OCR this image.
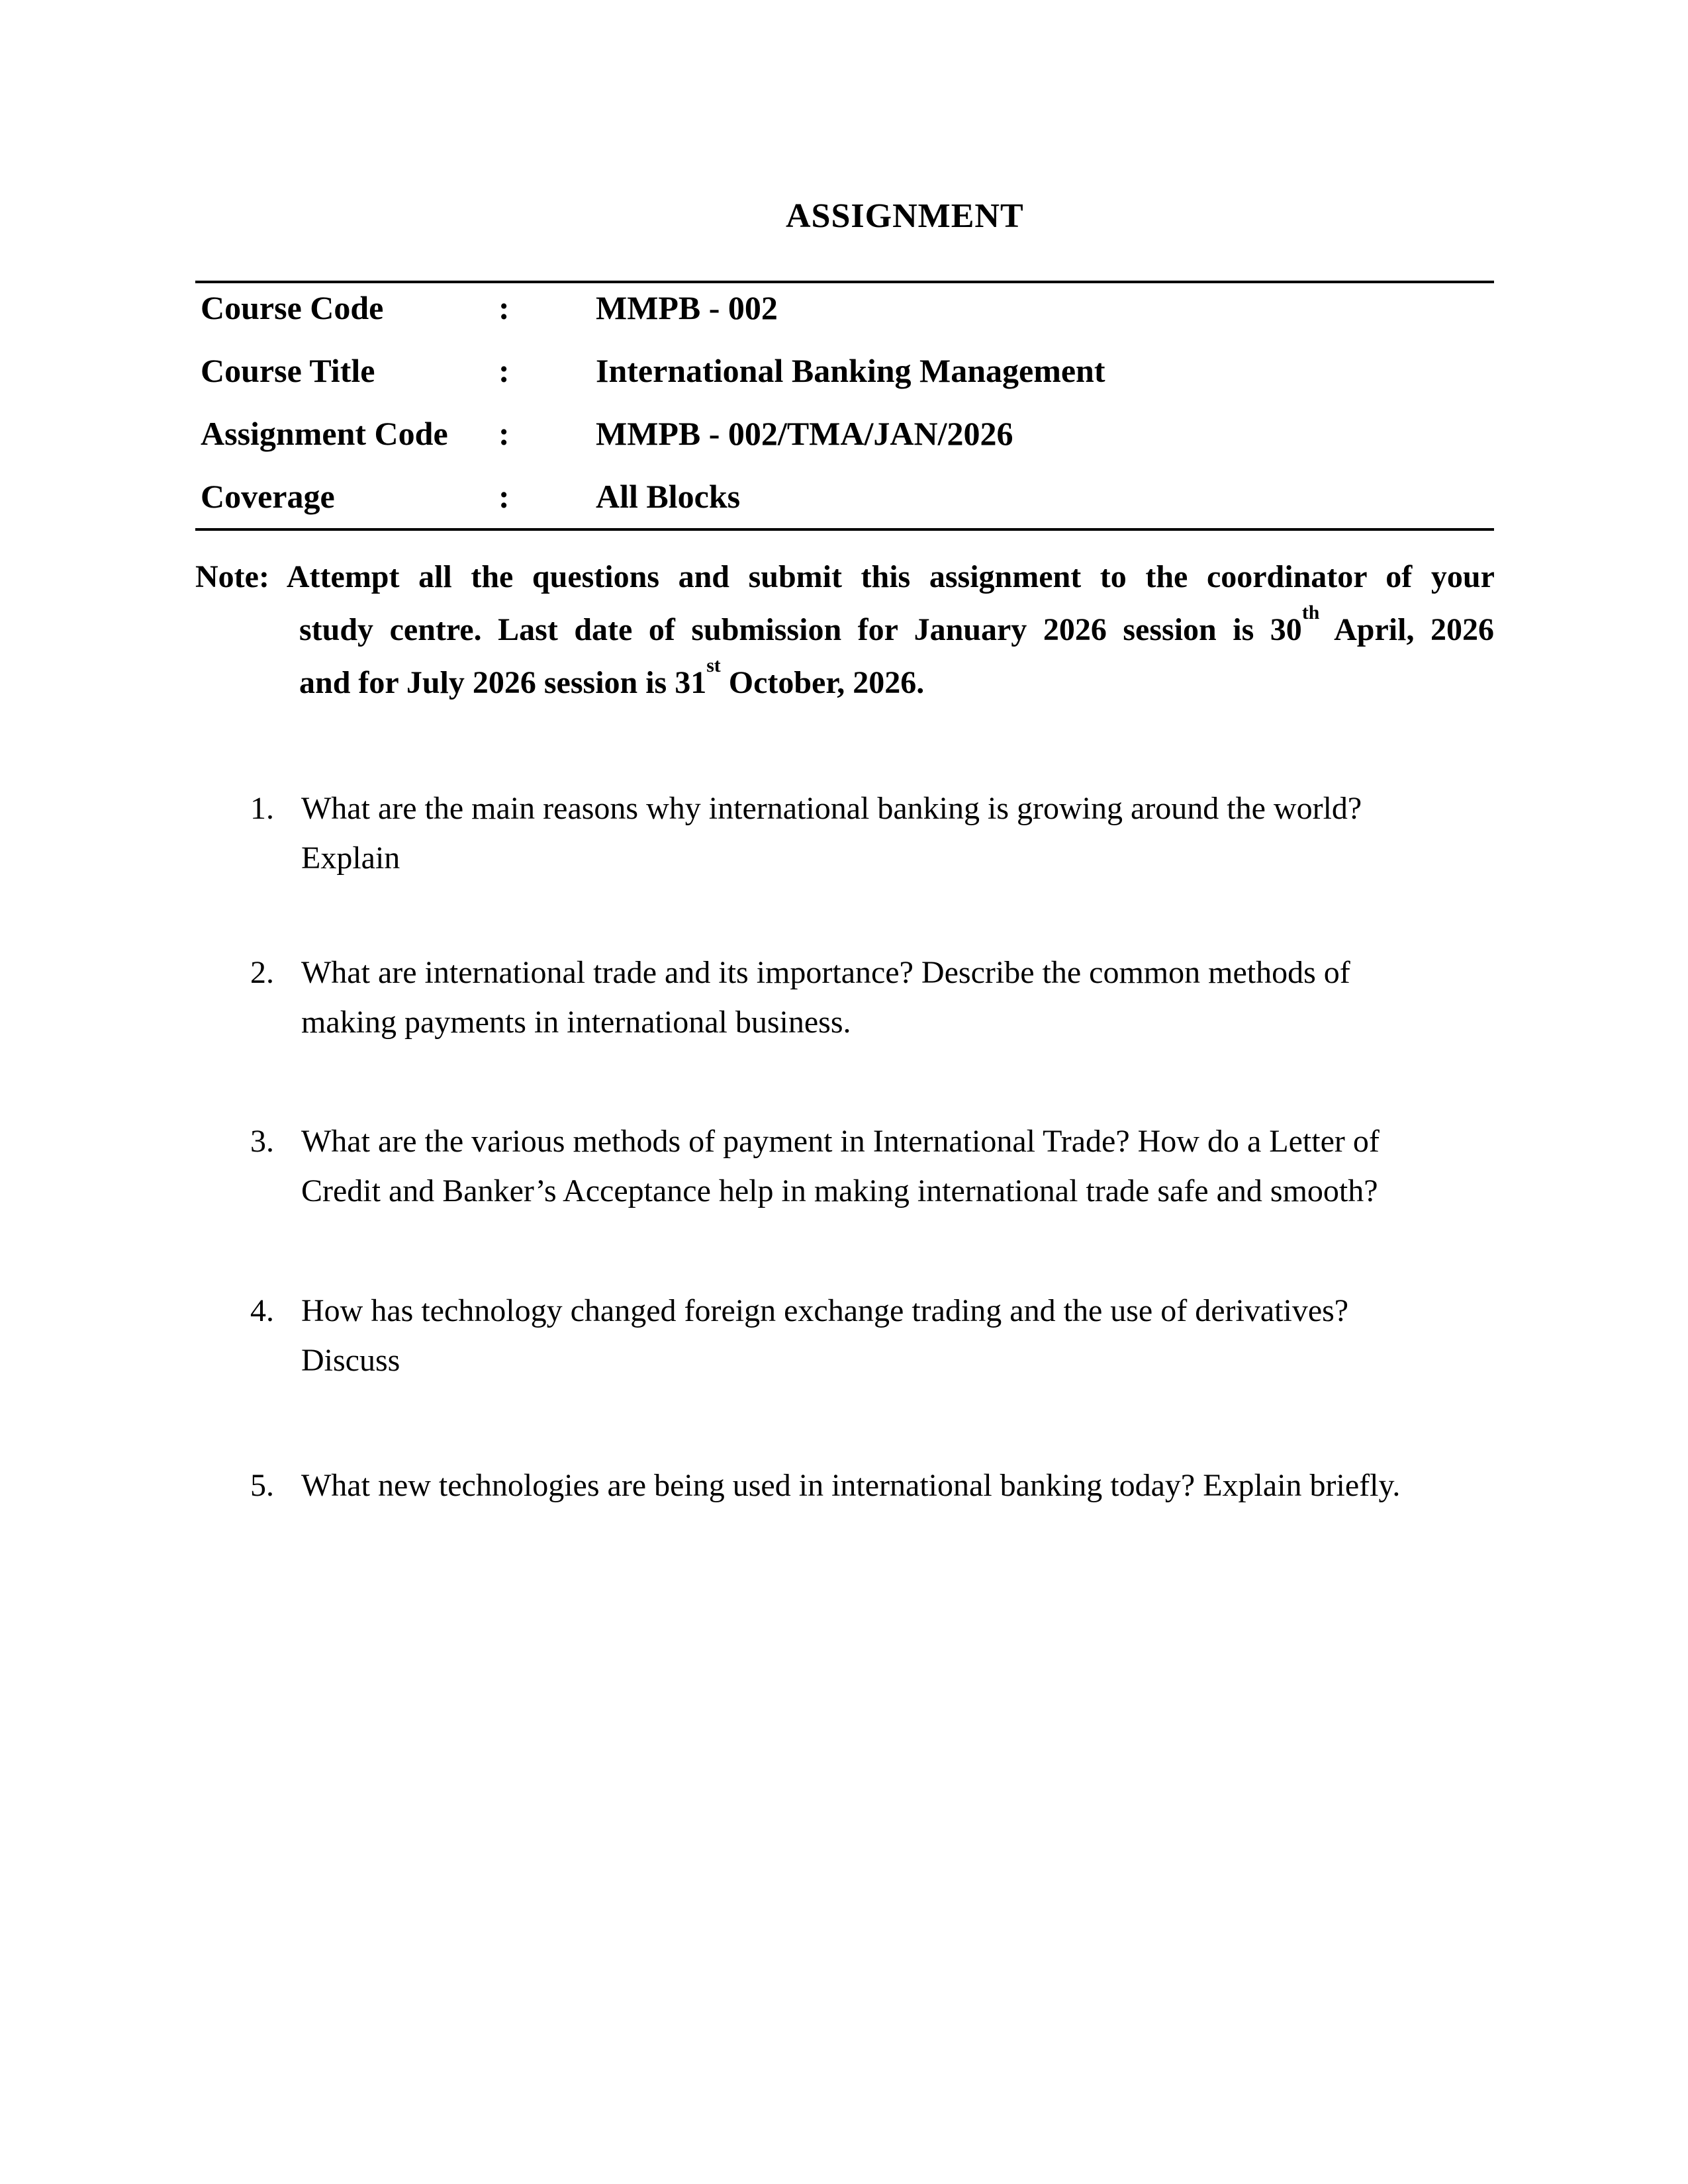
ASSIGNMENT
Course Code	:	MMPB - 002
Course Title	:	International Banking Management
Assignment Code	:	MMPB - 002/TMA/JAN/2026
Coverage	:	All Blocks
Note: Attempt all the questions and submit this assignment to the coordinator of your
study centre. Last date of submission for January 2026 session is 30th April, 2026
and for July 2026 session is 31st October, 2026.
1. What are the main reasons why international banking is growing around the world?
Explain
2. What are international trade and its importance? Describe the common methods of
making payments in international business.
3. What are the various methods of payment in International Trade? How do a Letter of
Credit and Banker’s Acceptance help in making international trade safe and smooth?
4. How has technology changed foreign exchange trading and the use of derivatives?
Discuss
5. What new technologies are being used in international banking today? Explain briefly.
